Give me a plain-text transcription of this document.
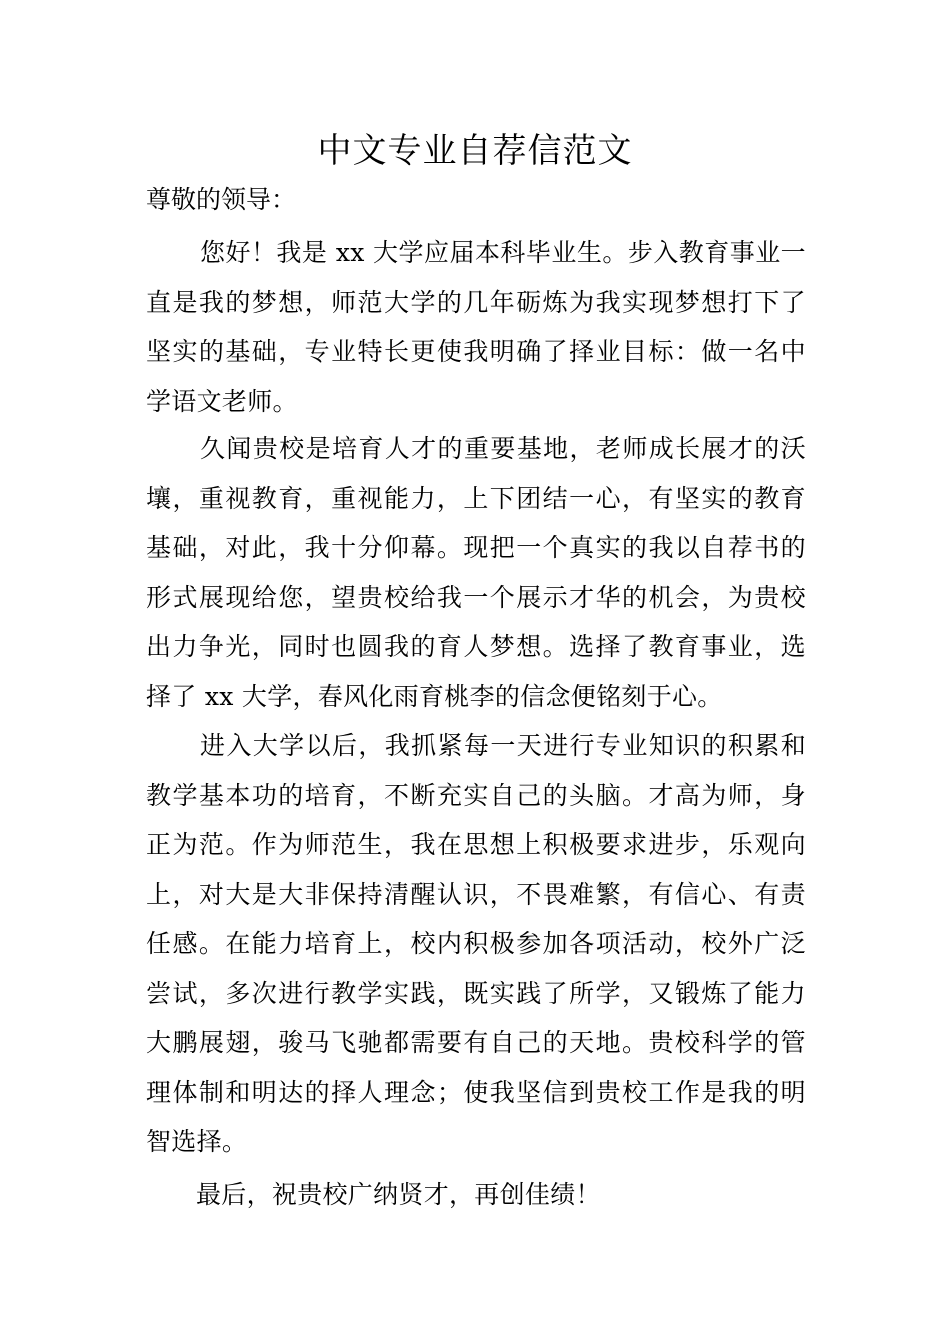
中文专业自荐信范文

尊敬的领导：

您好！我是 xx 大学应届本科毕业生。步入教育事业一
直是我的梦想，师范大学的几年砺炼为我实现梦想打下了
坚实的基础，专业特长更使我明确了择业目标：做一名中
学语文老师。
久闻贵校是培育人才的重要基地，老师成长展才的沃
壤，重视教育，重视能力，上下团结一心，有坚实的教育
基础，对此，我十分仰幕。现把一个真实的我以自荐书的
形式展现给您，望贵校给我一个展示才华的机会，为贵校
出力争光，同时也圆我的育人梦想。选择了教育事业，选
择了 xx 大学，春风化雨育桃李的信念便铭刻于心。
进入大学以后，我抓紧每一天进行专业知识的积累和
教学基本功的培育，不断充实自己的头脑。才高为师，身
正为范。作为师范生，我在思想上积极要求进步，乐观向
上，对大是大非保持清醒认识，不畏难繁，有信心、有责
任感。在能力培育上，校内积极参加各项活动，校外广泛
尝试，多次进行教学实践，既实践了所学，又锻炼了能力
大鹏展翅，骏马飞驰都需要有自己的天地。贵校科学的管
理体制和明达的择人理念；使我坚信到贵校工作是我的明
智选择。

最后，祝贵校广纳贤才，再创佳绩！
